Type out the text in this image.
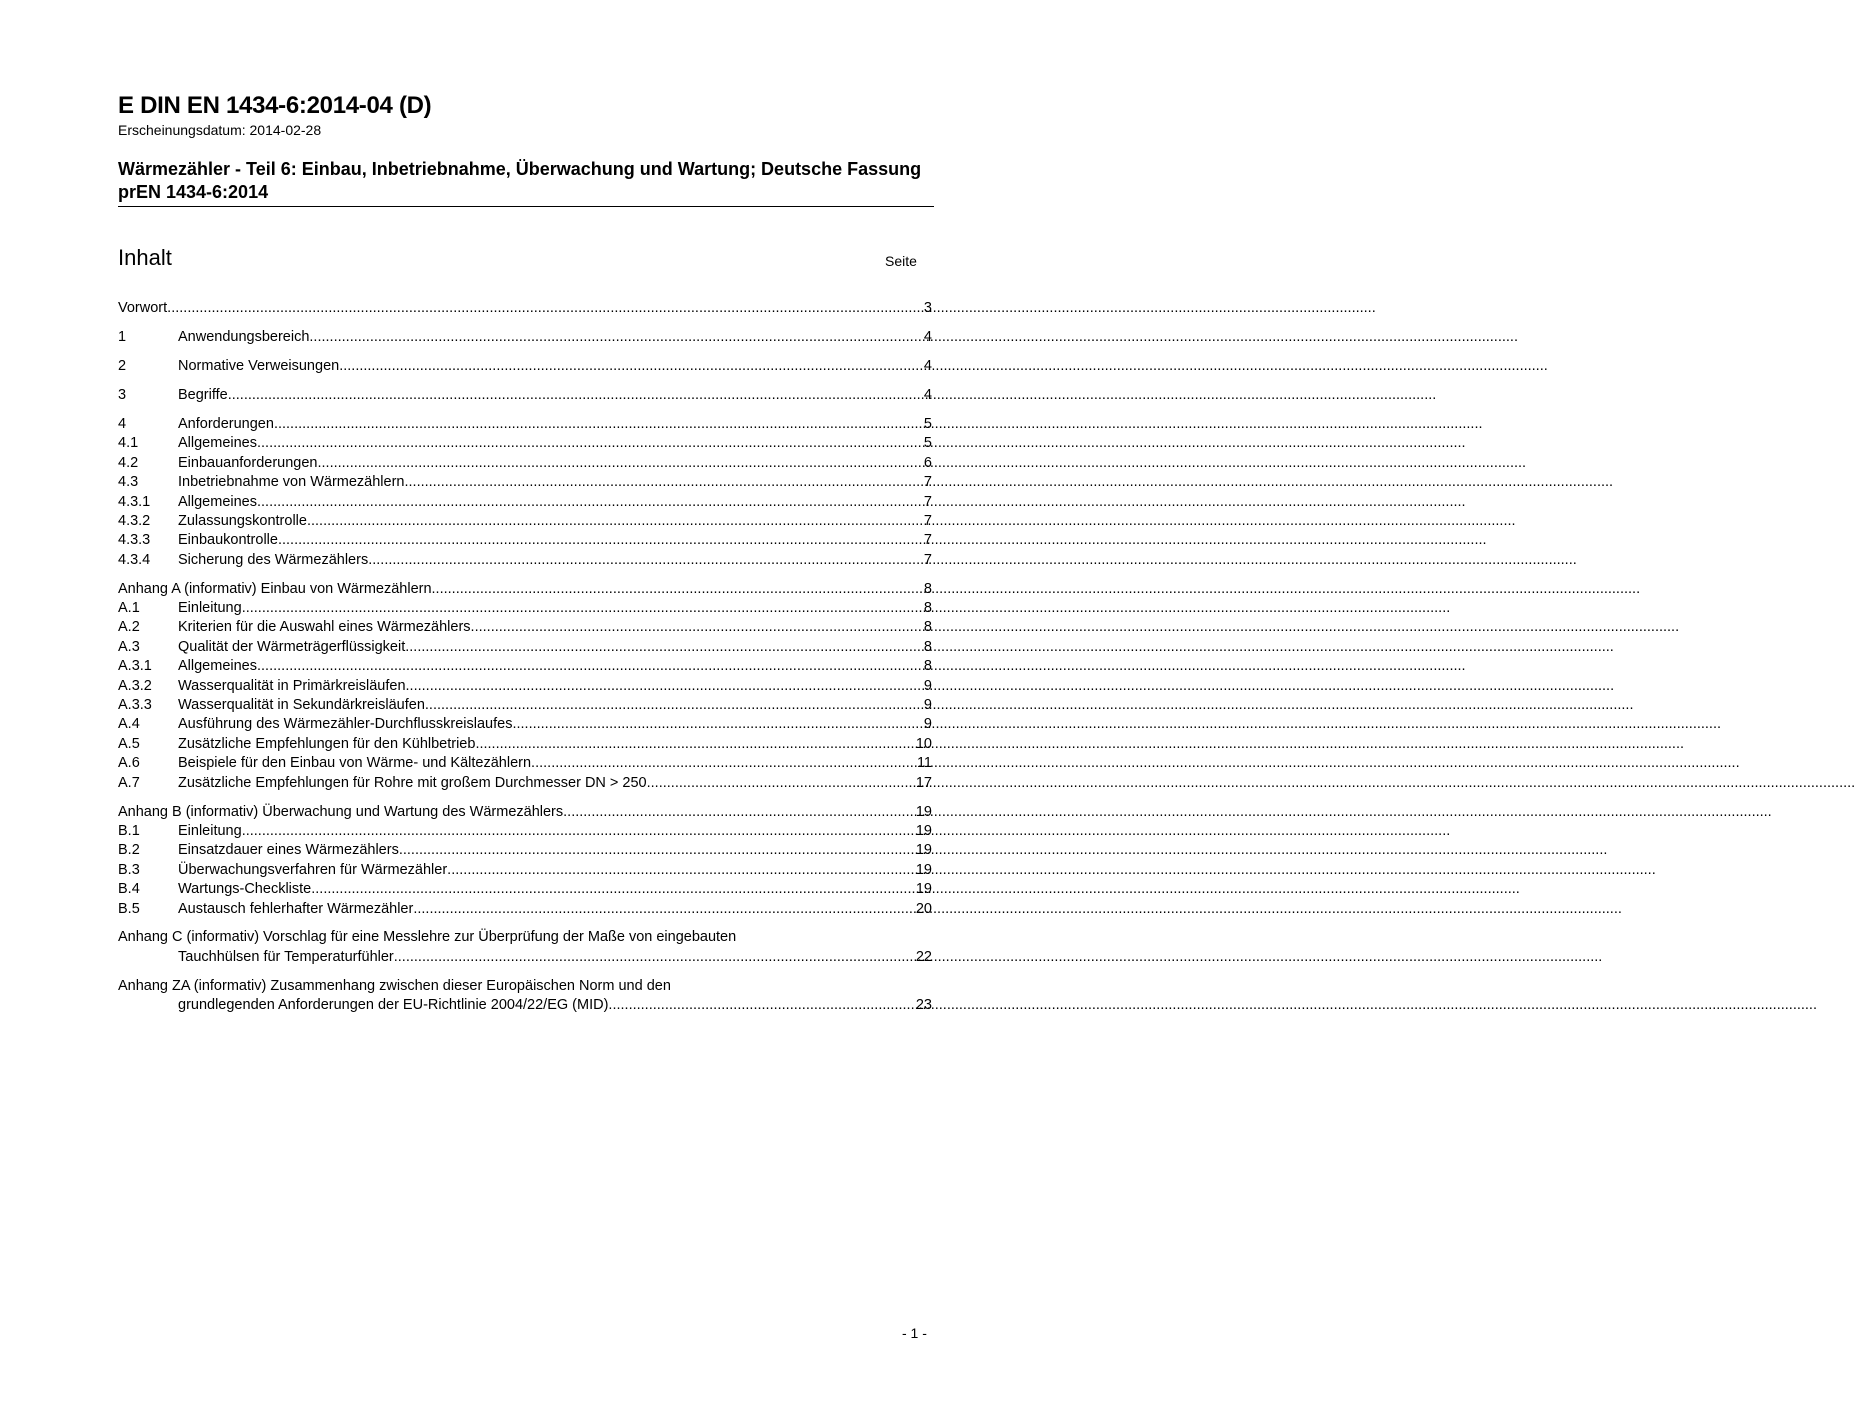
E DIN EN 1434-6:2014-04 (D)
Erscheinungsdatum: 2014-02-28
Wärmezähler - Teil 6: Einbau, Inbetriebnahme, Überwachung und Wartung; Deutsche Fassung prEN 1434-6:2014
Inhalt	Seite
Vorwort .....	3
1	Anwendungsbereich .....	4
2	Normative Verweisungen .....	4
3	Begriffe .....	4
4	Anforderungen .....	5
4.1	Allgemeines .....	5
4.2	Einbauanforderungen .....	6
4.3	Inbetriebnahme von Wärmezählern .....	7
4.3.1	Allgemeines .....	7
4.3.2	Zulassungskontrolle .....	7
4.3.3	Einbaukontrolle .....	7
4.3.4	Sicherung des Wärmezählers .....	7
Anhang A (informativ) Einbau von Wärmezählern .....	8
A.1	Einleitung .....	8
A.2	Kriterien für die Auswahl eines Wärmezählers .....	8
A.3	Qualität der Wärmeträgerflüssigkeit .....	8
A.3.1	Allgemeines .....	8
A.3.2	Wasserqualität in Primärkreisläufen .....	9
A.3.3	Wasserqualität in Sekundärkreisläufen .....	9
A.4	Ausführung des Wärmezähler-Durchflusskreislaufes .....	9
A.5	Zusätzliche Empfehlungen für den Kühlbetrieb .....	10
A.6	Beispiele für den Einbau von Wärme- und Kältezählern .....	11
A.7	Zusätzliche Empfehlungen für Rohre mit großem Durchmesser DN > 250 .....	17
Anhang B (informativ) Überwachung und Wartung des Wärmezählers .....	19
B.1	Einleitung .....	19
B.2	Einsatzdauer eines Wärmezählers .....	19
B.3	Überwachungsverfahren für Wärmezähler .....	19
B.4	Wartungs-Checkliste .....	19
B.5	Austausch fehlerhafter Wärmezähler .....	20
Anhang C (informativ) Vorschlag für eine Messlehre zur Überprüfung der Maße von eingebauten
Tauchhülsen für Temperaturfühler .....	22
Anhang ZA (informativ) Zusammenhang zwischen dieser Europäischen Norm und den
grundlegenden Anforderungen der EU-Richtlinie 2004/22/EG (MID) .....	23
- 1 -
